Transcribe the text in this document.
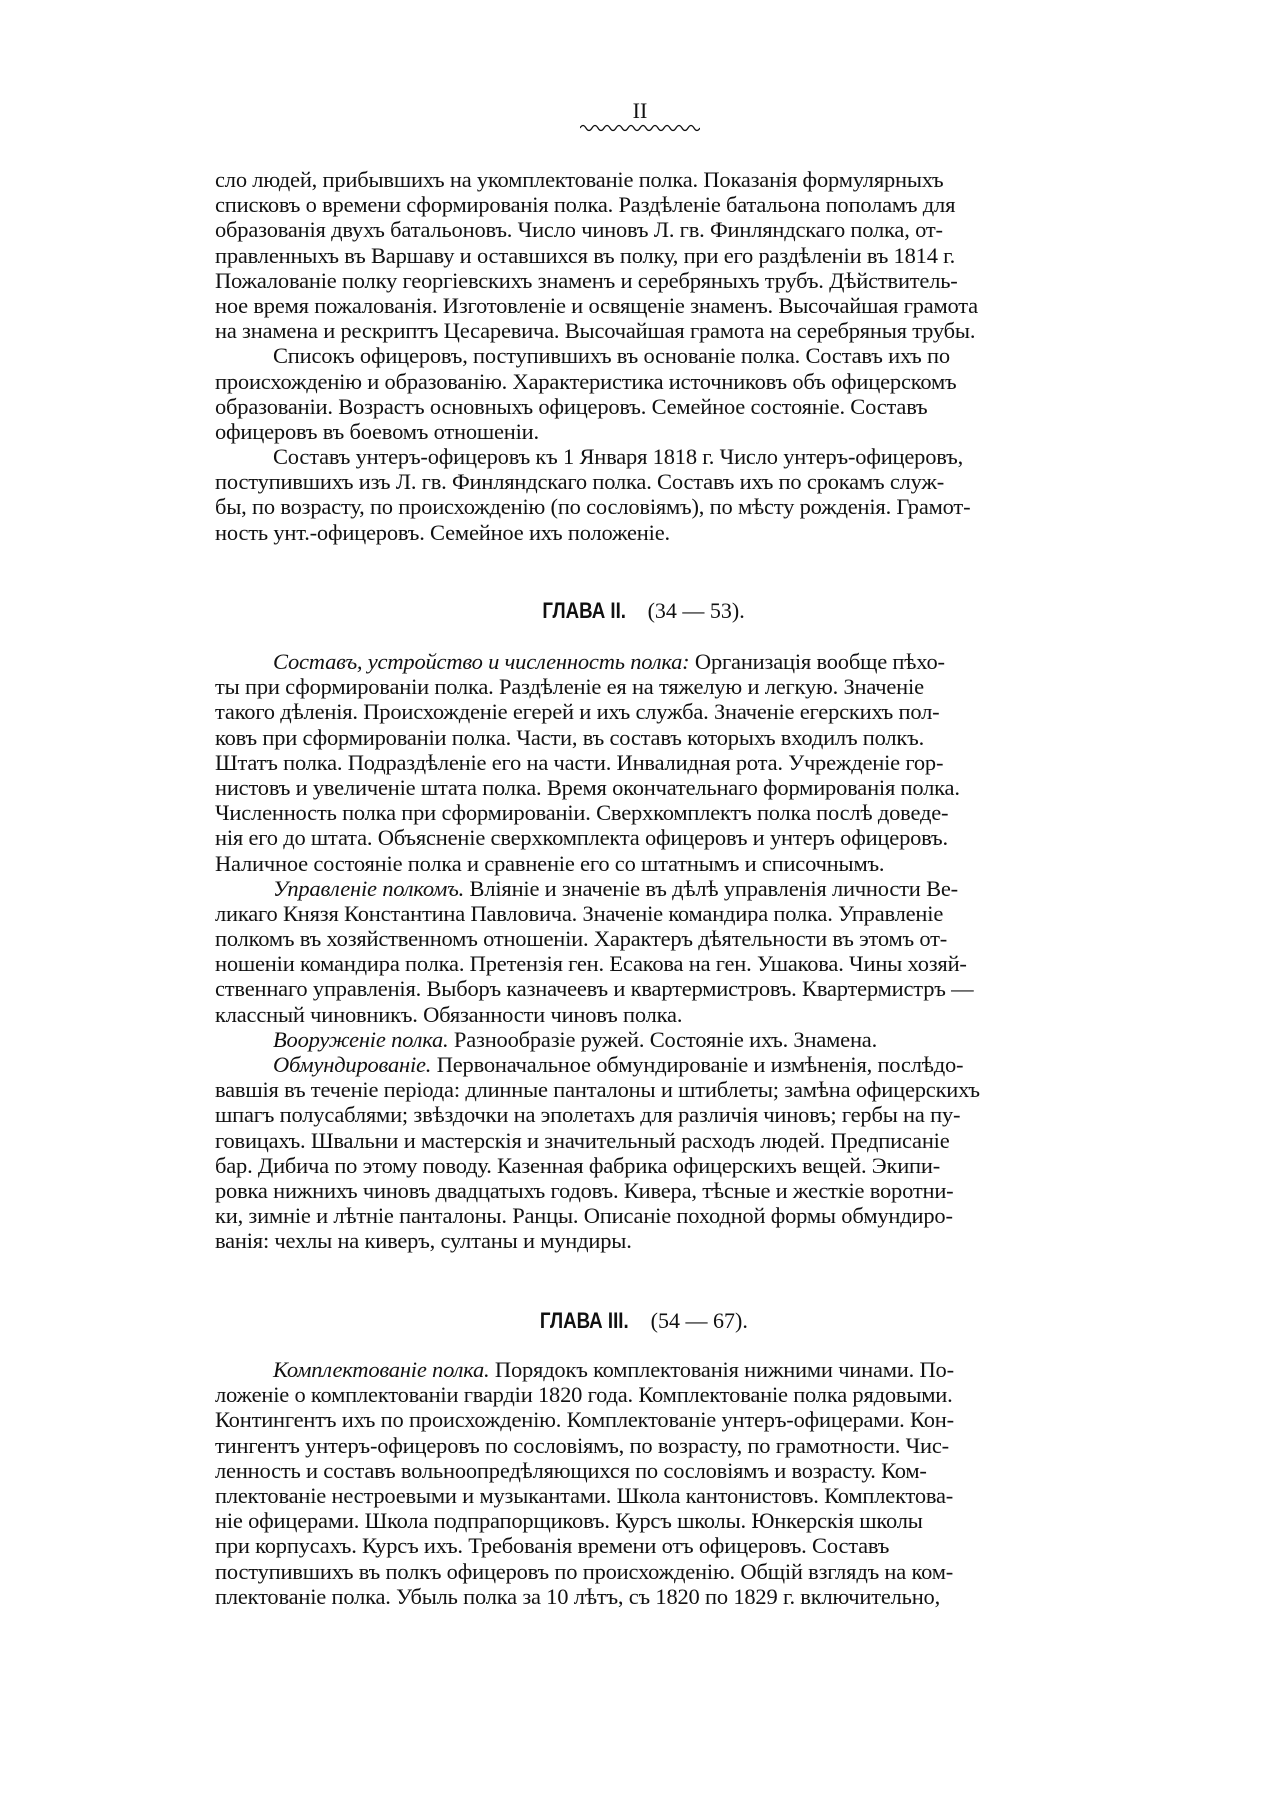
II
сло людей, прибывшихъ на укомплектованіе полка. Показанія формулярныхъ
списковъ о времени сформированія полка. Раздѣленіе батальона пополамъ для
образованія двухъ батальоновъ. Число чиновъ Л. гв. Финляндскаго полка, от-
правленныхъ въ Варшаву и оставшихся въ полку, при его раздѣленіи въ 1814 г.
Пожалованіе полку георгіевскихъ знаменъ и серебряныхъ трубъ. Дѣйствитель-
ное время пожалованія. Изготовленіе и освященіе знаменъ. Высочайшая грамота
на знамена и рескриптъ Цесаревича. Высочайшая грамота на серебряныя трубы.
Списокъ офицеровъ, поступившихъ въ основаніе полка. Составъ ихъ по
происхожденію и образованію. Характеристика источниковъ объ офицерскомъ
образованіи. Возрастъ основныхъ офицеровъ. Семейное состояніе. Составъ
офицеровъ въ боевомъ отношеніи.
Составъ унтеръ-офицеровъ къ 1 Января 1818 г. Число унтеръ-офицеровъ,
поступившихъ изъ Л. гв. Финляндскаго полка. Составъ ихъ по срокамъ служ-
бы, по возрасту, по происхожденію (по сословіямъ), по мѣсту рожденія. Грамот-
ность унт.-офицеровъ. Семейное ихъ положеніе.
ГЛАВА II. (34 — 53).
Составъ, устройство и численность полка: Организація вообще пѣхо-
ты при сформированіи полка. Раздѣленіе ея на тяжелую и легкую. Значеніе
такого дѣленія. Происхожденіе егерей и ихъ служба. Значеніе егерскихъ пол-
ковъ при сформированіи полка. Части, въ составъ которыхъ входилъ полкъ.
Штатъ полка. Подраздѣленіе его на части. Инвалидная рота. Учрежденіе гор-
нистовъ и увеличеніе штата полка. Время окончательнаго формированія полка.
Численность полка при сформированіи. Сверхкомплектъ полка послѣ доведе-
нія его до штата. Объясненіе сверхкомплекта офицеровъ и унтеръ офицеровъ.
Наличное состояніе полка и сравненіе его со штатнымъ и списочнымъ.
Управленіе полкомъ. Вліяніе и значеніе въ дѣлѣ управленія личности Ве-
ликаго Князя Константина Павловича. Значеніе командира полка. Управленіе
полкомъ въ хозяйственномъ отношеніи. Характеръ дѣятельности въ этомъ от-
ношеніи командира полка. Претензія ген. Есакова на ген. Ушакова. Чины хозяй-
ственнаго управленія. Выборъ казначеевъ и квартермистровъ. Квартермистръ —
классный чиновникъ. Обязанности чиновъ полка.
Вооруженіе полка. Разнообразіе ружей. Состояніе ихъ. Знамена.
Обмундированіе. Первоначальное обмундированіе и измѣненія, послѣдо-
вавшія въ теченіе періода: длинные панталоны и штиблеты; замѣна офицерскихъ
шпагъ полусаблями; звѣздочки на эполетахъ для различія чиновъ; гербы на пу-
говицахъ. Швальни и мастерскія и значительный расходъ людей. Предписаніе
бар. Дибича по этому поводу. Казенная фабрика офицерскихъ вещей. Экипи-
ровка нижнихъ чиновъ двадцатыхъ годовъ. Кивера, тѣсные и жесткіе воротни-
ки, зимніе и лѣтніе панталоны. Ранцы. Описаніе походной формы обмундиро-
ванія: чехлы на киверъ, султаны и мундиры.
ГЛАВА III. (54 — 67).
Комплектованіе полка. Порядокъ комплектованія нижними чинами. По-
ложеніе о комплектованіи гвардіи 1820 года. Комплектованіе полка рядовыми.
Контингентъ ихъ по происхожденію. Комплектованіе унтеръ-офицерами. Кон-
тингентъ унтеръ-офицеровъ по сословіямъ, по возрасту, по грамотности. Чис-
ленность и составъ вольноопредѣляющихся по сословіямъ и возрасту. Ком-
плектованіе нестроевыми и музыкантами. Школа кантонистовъ. Комплектова-
ніе офицерами. Школа подпрапорщиковъ. Курсъ школы. Юнкерскія школы
при корпусахъ. Курсъ ихъ. Требованія времени отъ офицеровъ. Составъ
поступившихъ въ полкъ офицеровъ по происхожденію. Общій взглядъ на ком-
плектованіе полка. Убыль полка за 10 лѣтъ, съ 1820 по 1829 г. включительно,
